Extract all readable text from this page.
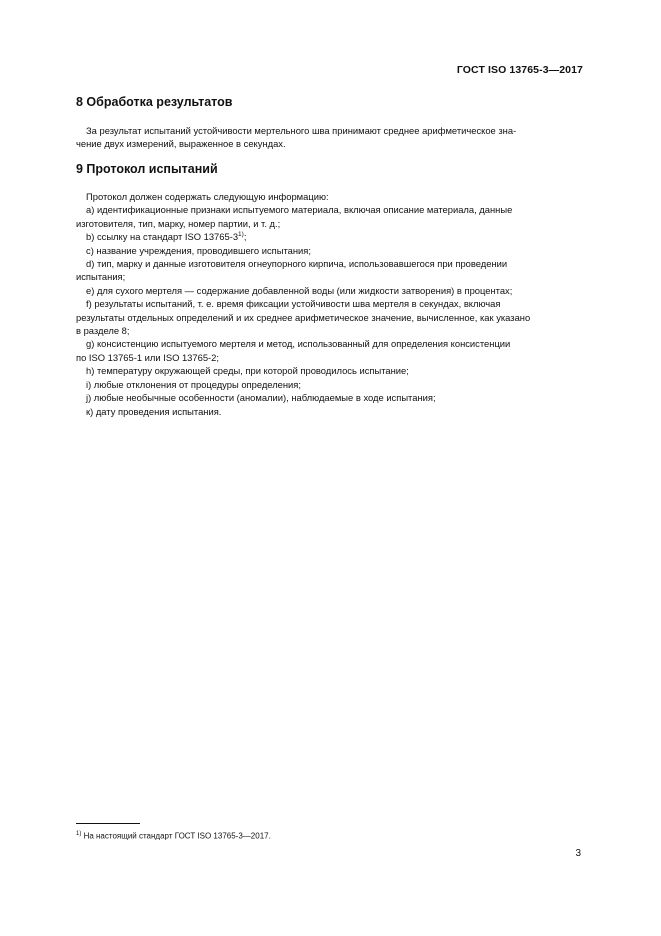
ГОСТ ISO 13765-3—2017
8 Обработка результатов
За результат испытаний устойчивости мертельного шва принимают среднее арифметическое зна-
чение двух измерений, выраженное в секундах.
9 Протокол испытаний
Протокол должен содержать следующую информацию:
a) идентификационные признаки испытуемого материала, включая описание материала, данные
изготовителя, тип, марку, номер партии, и т. д.;
b) ссылку на стандарт ISO 13765-3$^{1)}$;
c) название учреждения, проводившего испытания;
d) тип, марку и данные изготовителя огнеупорного кирпича, использовавшегося при проведении
испытания;
e) для сухого мертеля — содержание добавленной воды (или жидкости затворения) в процентах;
f) результаты испытаний, т. е. время фиксации устойчивости шва мертеля в секундах, включая
результаты отдельных определений и их среднее арифметическое значение, вычисленное, как указано
в разделе 8;
g) консистенцию испытуемого мертеля и метод, использованный для определения консистенции
по ISO 13765-1 или ISO 13765-2;
h) температуру окружающей среды, при которой проводилось испытание;
i) любые отклонения от процедуры определения;
j) любые необычные особенности (аномалии), наблюдаемые в ходе испытания;
к) дату проведения испытания.
$^{1)}$ На настоящий стандарт ГОСТ ISO 13765-3—2017.
3
